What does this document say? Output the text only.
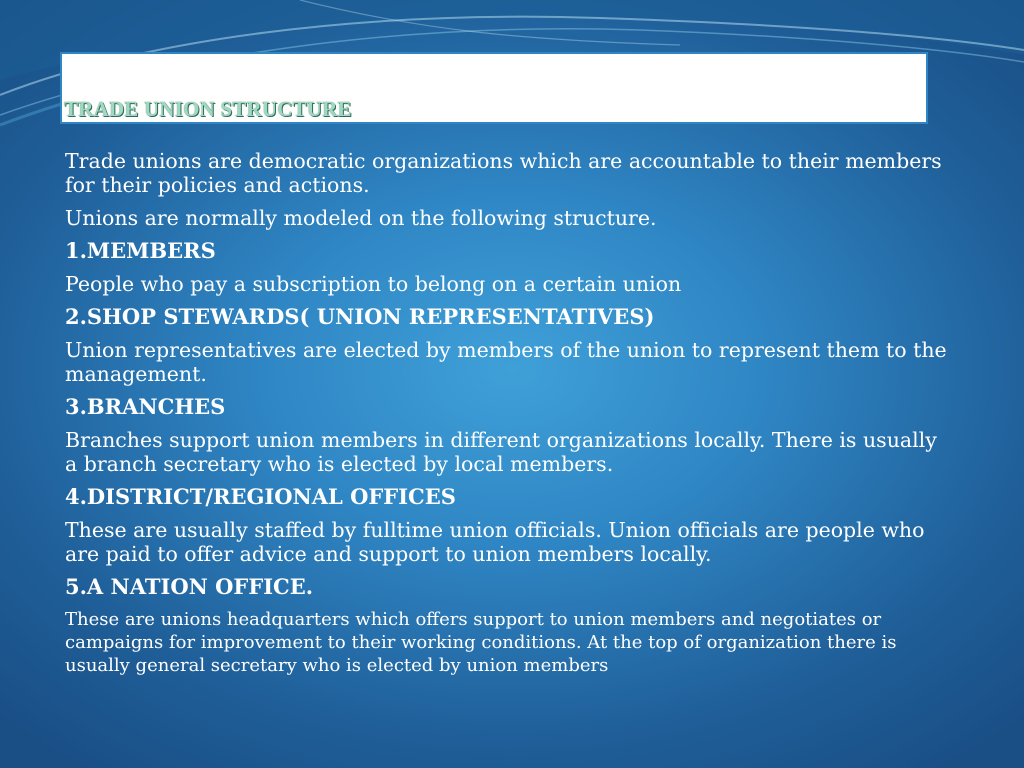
TRADE UNION STRUCTURE

Trade unions are democratic organizations which are accountable to their members for their policies and actions.

Unions are normally modeled on the following structure.

1.MEMBERS

People who pay a subscription to belong on a certain union

2.SHOP STEWARDS( UNION REPRESENTATIVES)

Union representatives are elected by members of the union to represent them to the management.

3.BRANCHES

Branches support union members in different organizations locally. There is usually a branch secretary who is elected by local members.

4.DISTRICT/REGIONAL OFFICES

These are usually staffed by fulltime union officials. Union officials are people who are paid to offer advice and support to union members locally.

5.A NATION OFFICE.

These are unions headquarters which offers support to union members and negotiates or campaigns for improvement to their working conditions. At the top of organization there is usually general secretary who is elected by union members
